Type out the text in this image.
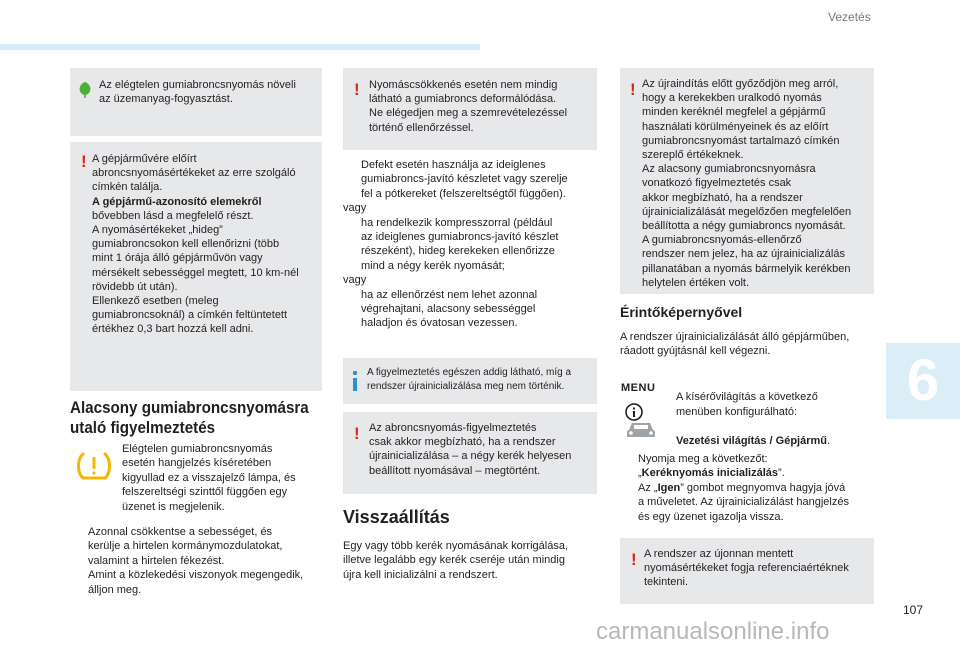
Vezetés
6

Az elégtelen gumiabroncsnyomás növeli
az üzemanyag-fogyasztást.

! A gépjárművére előírt
abroncsnyomásértékeket az erre szolgáló
címkén találja.

A gépjármű-azonosító elemekről

bővebben lásd a megfelelő részt.
A nyomásértékeket „hideg”
gumiabroncsokon kell ellenőrizni (több
mint 1 órája álló gépjárművön vagy
mérsékelt sebességgel megtett, 10 km-nél
rövidebb út után).
Ellenkező esetben (meleg
gumiabroncsoknál) a címkén feltüntetett
értékhez 0,3 bart hozzá kell adni.

Alacsony gumiabroncsnyomásra
utaló figyelmeztetés
Elégtelen gumiabroncsnyomás
esetén hangjelzés kíséretében
kigyullad ez a visszajelző lámpa, és
felszereltségi szinttől függően egy
üzenet is megjelenik.
Azonnal csökkentse a sebességet, és
kerülje a hirtelen kormánymozdulatokat,
valamint a hirtelen fékezést.
Amint a közlekedési viszonyok megengedik,
álljon meg.
! Nyomáscsökkenés esetén nem mindig
látható a gumiabroncs deformálódása.
Ne elégedjen meg a szemrevételezéssel
történő ellenőrzéssel.

Defekt esetén használja az ideiglenes
gumiabroncs-javító készletet vagy szerelje
fel a pótkereket (felszereltségtől függően).
vagy
ha rendelkezik kompresszorral (például
az ideiglenes gumiabroncs-javító készlet
részeként), hideg kerekeken ellenőrizze
mind a négy kerék nyomását;
vagy
ha az ellenőrzést nem lehet azonnal
végrehajtani, alacsony sebességgel
haladjon és óvatosan vezessen.

A figyelmeztetés egészen addig látható, míg a
rendszer újrainicializálása meg nem történik.

! Az abroncsnyomás-figyelmeztetés
csak akkor megbízható, ha a rendszer
újrainicializálása – a négy kerék helyesen
beállított nyomásával – megtörtént.

Visszaállítás
Egy vagy több kerék nyomásának korrigálása,
illetve legalább egy kerék cseréje után mindig
újra kell inicializálni a rendszert.
! Az újraindítás előtt győződjön meg arról,
hogy a kerekekben uralkodó nyomás
minden keréknél megfelel a gépjármű
használati körülményeinek és az előírt
gumiabroncsnyomást tartalmazó címkén
szereplő értékeknek.
Az alacsony gumiabroncsnyomásra
vonatkozó figyelmeztetés csak
akkor megbízható, ha a rendszer
újrainicializálását megelőzően megfelelően
beállította a négy gumiabroncs nyomását.
A gumiabroncsnyomás-ellenőrző
rendszer nem jelez, ha az újrainicializálás
pillanatában a nyomás bármelyik kerékben
helytelen értéken volt.

Érintőképernyővel
A rendszer újrainicializálását álló gépjárműben,
ráadott gyújtásnál kell végezni.
MENU

A kísérővilágítás a következő
menüben konfigurálható:

Vezetési világítás / Gépjármű.

Nyomja meg a következőt:
„Keréknyomás inicializálás”.
Az „Igen” gombot megnyomva hagyja jóvá
a műveletet. Az újrainicializálást hangjelzés
és egy üzenet igazolja vissza.
! A rendszer az újonnan mentett
nyomásértékeket fogja referenciaértéknek
tekinteni.

107
carmanualsonline.info
